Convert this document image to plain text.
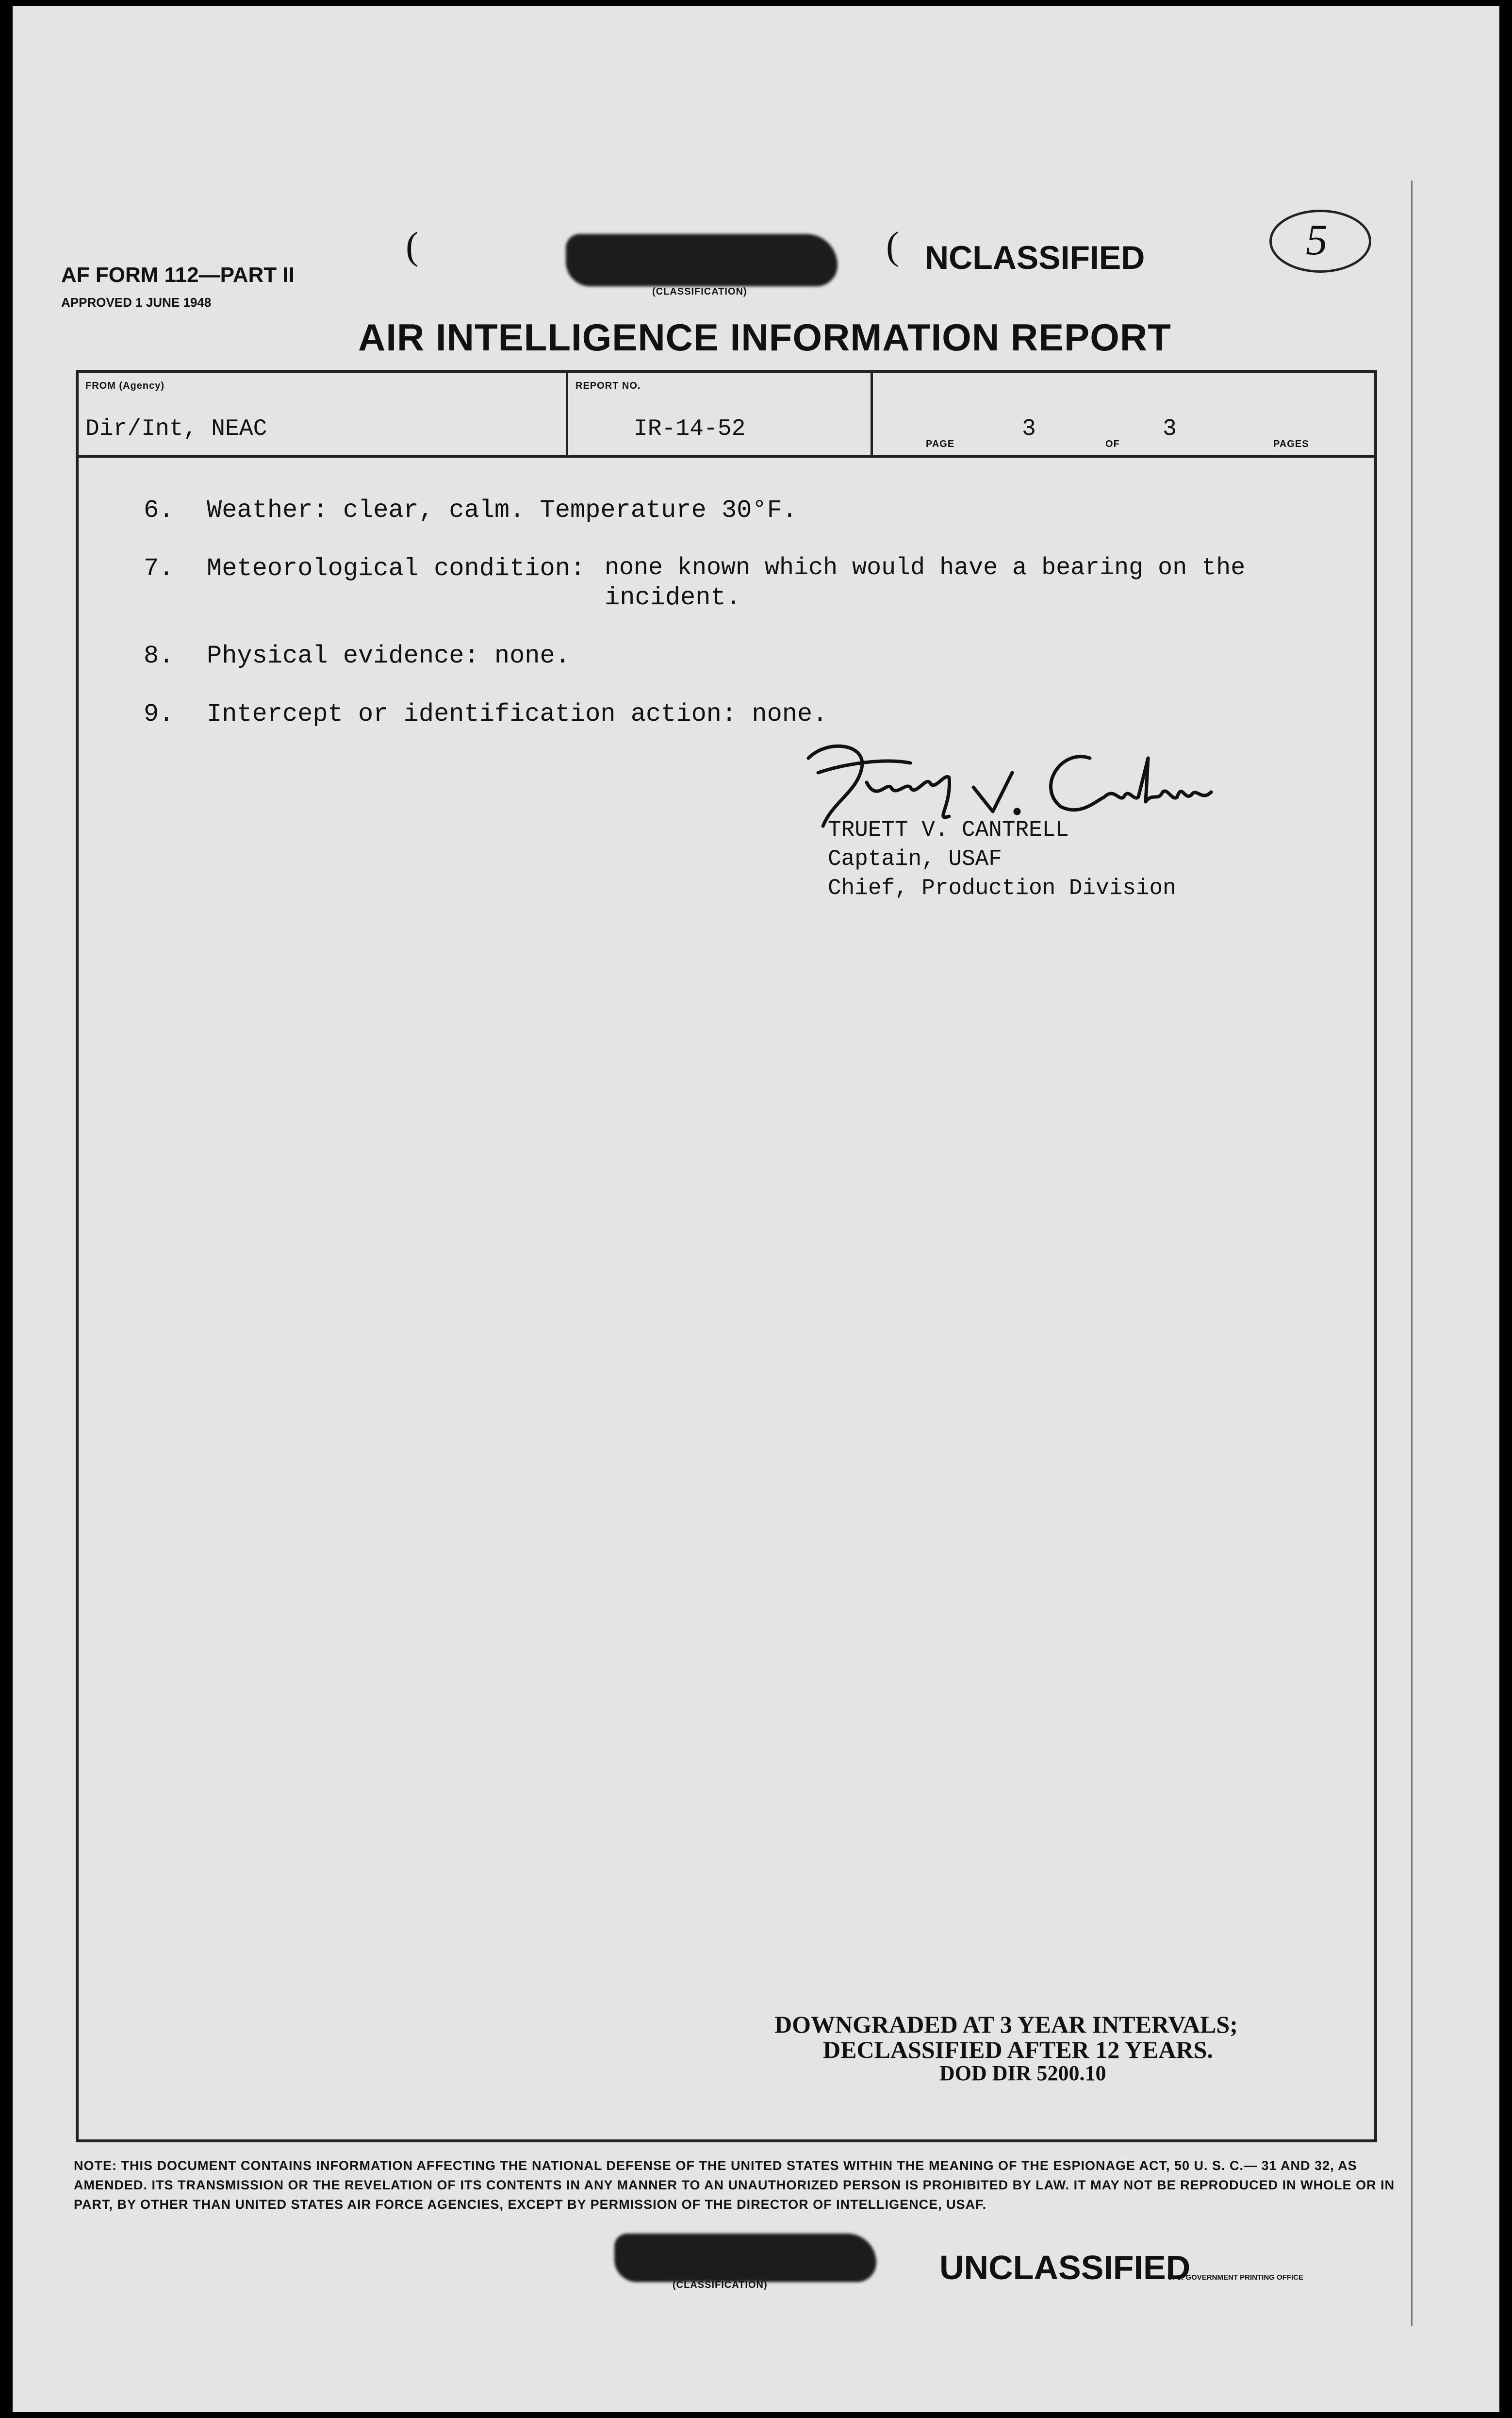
AF FORM 112—PART II
APPROVED 1 JUNE 1948
(
(CLASSIFICATION)
( NCLASSIFIED	5
AIR INTELLIGENCE INFORMATION REPORT
FROM (Agency)
Dir/Int, NEAC
REPORT NO.
IR-14-52
PAGE
3
OF
3
PAGES
6. Weather: clear, calm. Temperature 30°F.
7. Meteorological condition: none known which would have a bearing on the
incident.
8. Physical evidence: none.
9. Intercept or identification action: none.
TRUETT V. CANTRELL
Captain, USAF
Chief, Production Division
DOWNGRADED AT 3 YEAR INTERVALS;
DECLASSIFIED AFTER 12 YEARS.
DOD DIR 5200.10
NOTE: THIS DOCUMENT CONTAINS INFORMATION AFFECTING THE NATIONAL DEFENSE OF THE UNITED STATES WITHIN THE MEANING OF THE ESPIONAGE ACT, 50 U. S. C.— 31 AND 32, AS AMENDED. ITS TRANSMISSION OR THE REVELATION OF ITS CONTENTS IN ANY MANNER TO AN UNAUTHORIZED PERSON IS PROHIBITED BY LAW. IT MAY NOT BE REPRODUCED IN WHOLE OR IN PART, BY OTHER THAN UNITED STATES AIR FORCE AGENCIES, EXCEPT BY PERMISSION OF THE DIRECTOR OF INTELLIGENCE, USAF.
(CLASSIFICATION)	UNCLASSIFIED
U. S. GOVERNMENT PRINTING OFFICE
